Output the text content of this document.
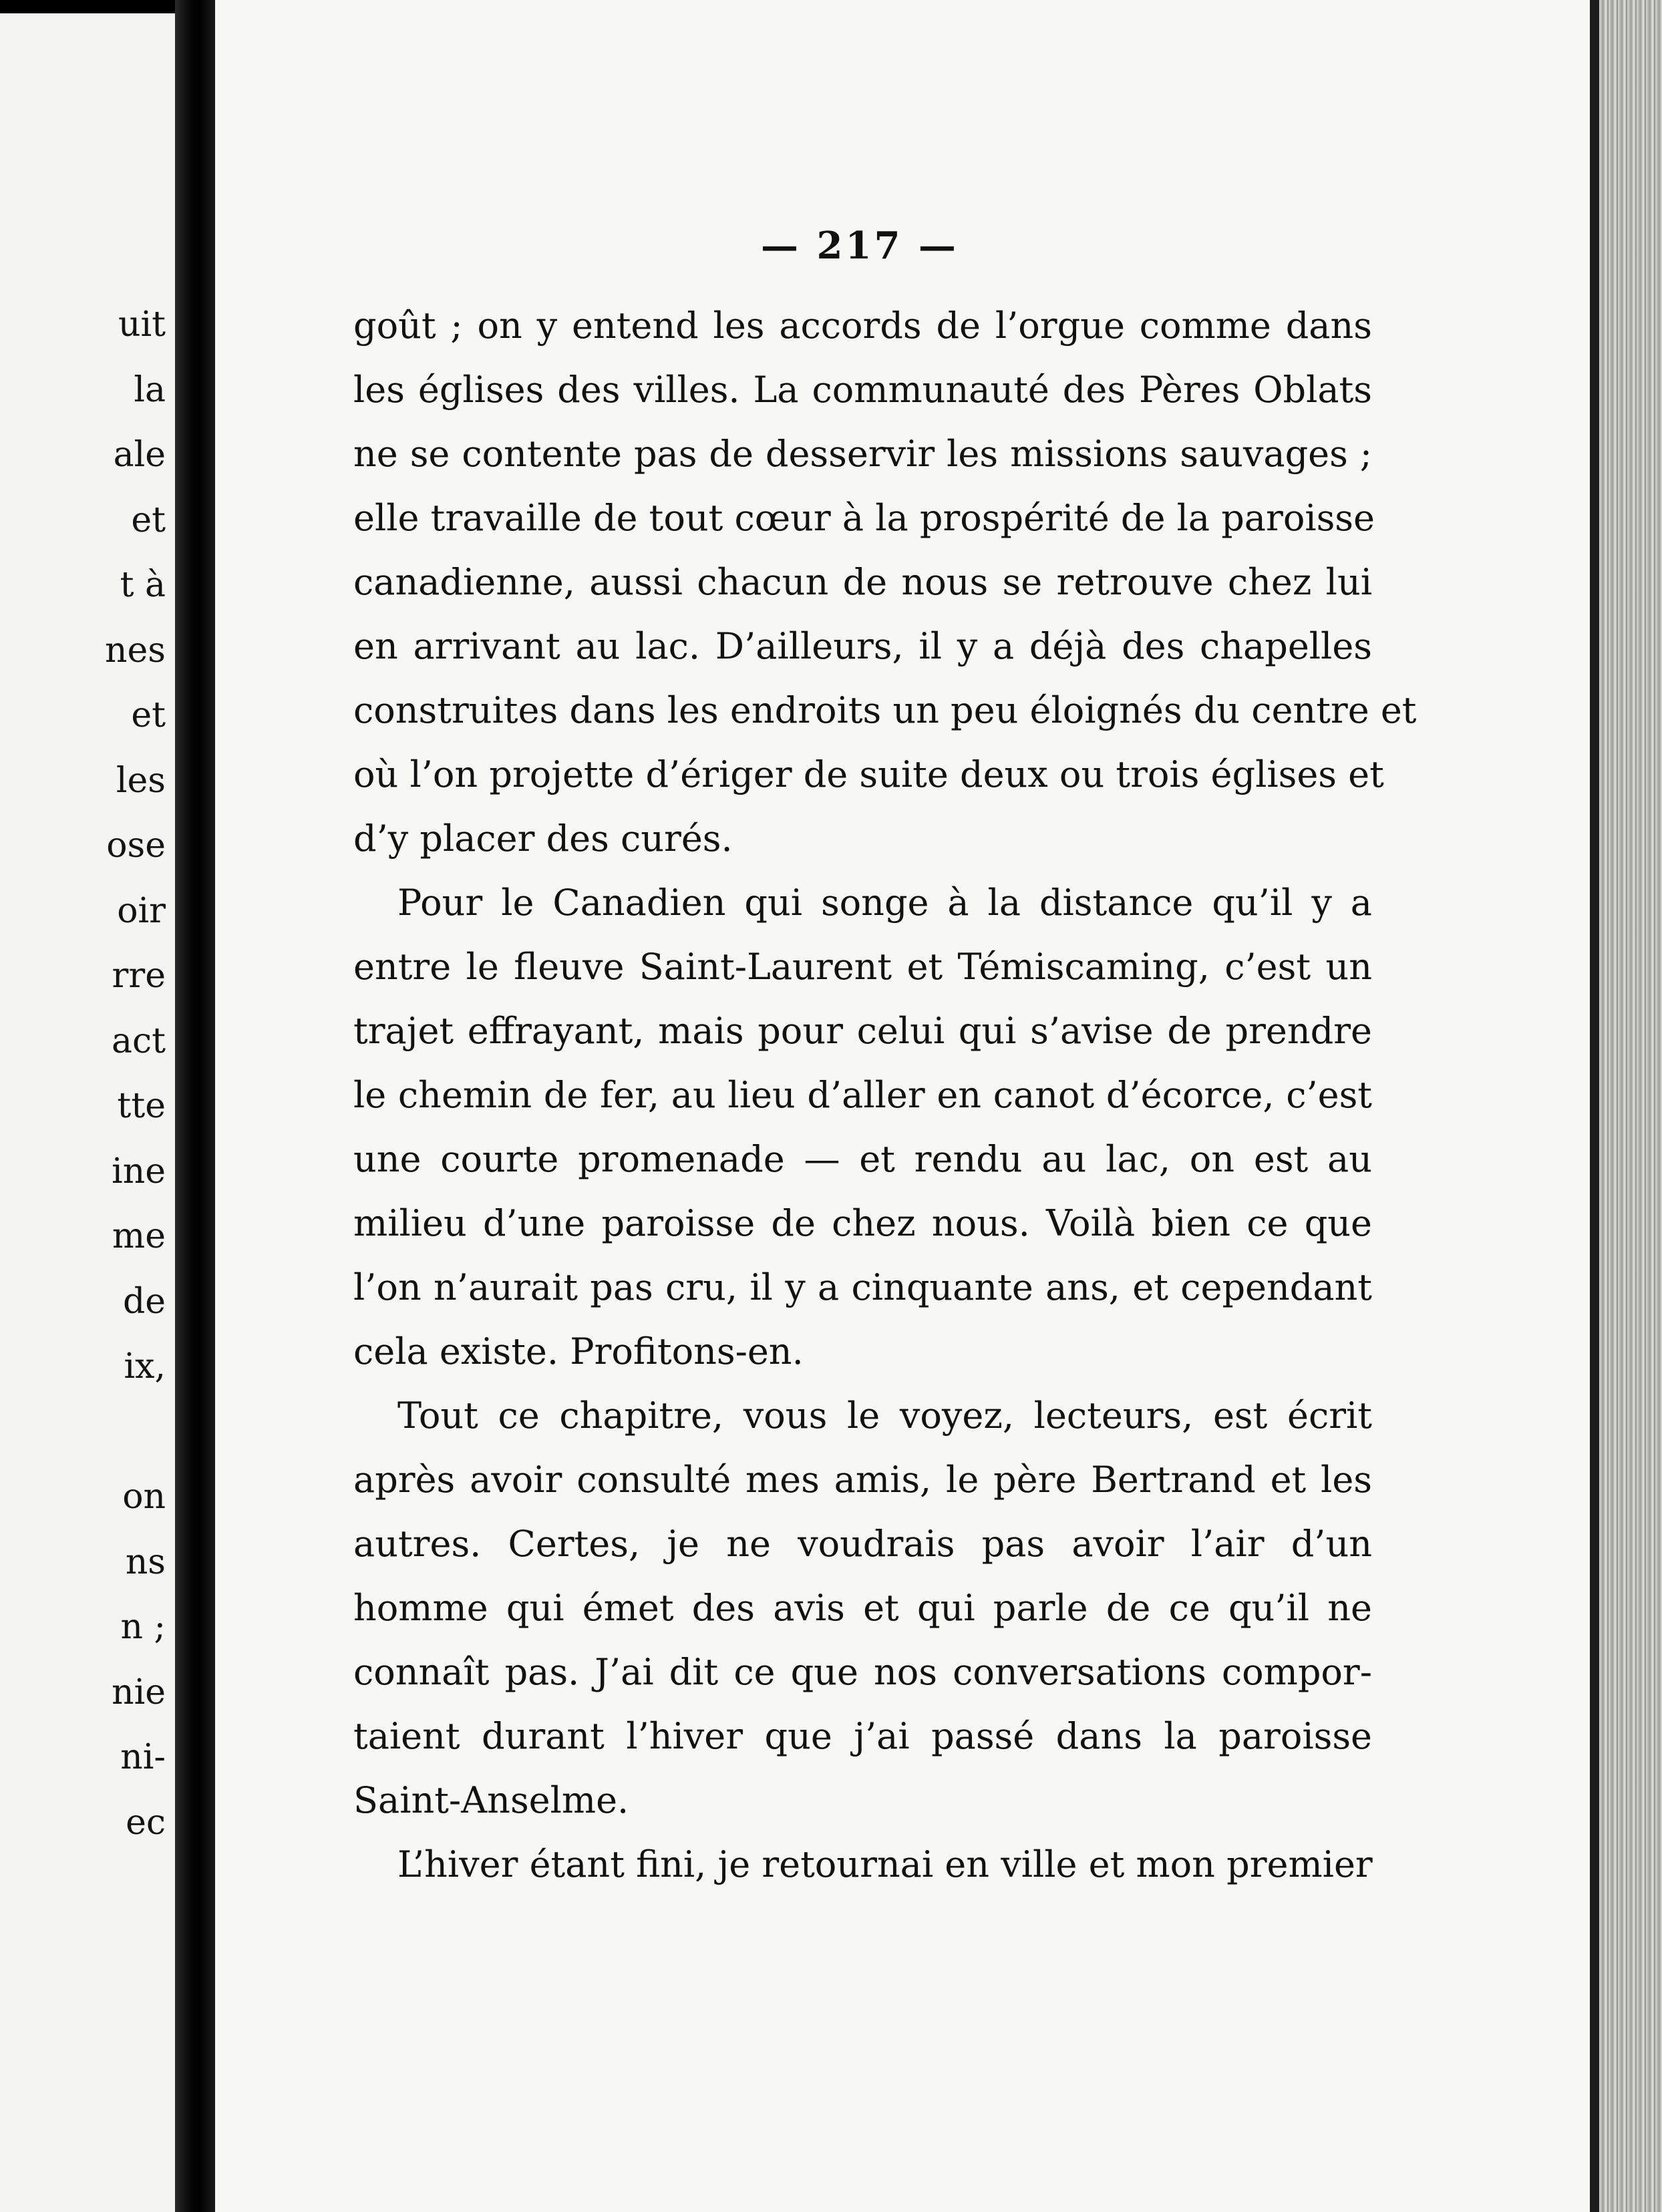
uit
la
ale
et
t à
nes
et
les
ose
oir
rre
act
tte
ine
me
de
ix,
on
ns
n ;
nie
ni-
ec
— 217 —
goût ; on y entend les accords de l’orgue comme dans
les églises des villes. La communauté des Pères Oblats
ne se contente pas de desservir les missions sauvages ;
elle travaille de tout cœur à la prospérité de la paroisse
canadienne, aussi chacun de nous se retrouve chez lui
en arrivant au lac. D’ailleurs, il y a déjà des chapelles
construites dans les endroits un peu éloignés du centre et
où l’on projette d’ériger de suite deux ou trois églises et
d’y placer des curés.
Pour le Canadien qui songe à la distance qu’il y a
entre le fleuve Saint-Laurent et Témiscaming, c’est un
trajet effrayant, mais pour celui qui s’avise de prendre
le chemin de fer, au lieu d’aller en canot d’écorce, c’est
une courte promenade — et rendu au lac, on est au
milieu d’une paroisse de chez nous. Voilà bien ce que
l’on n’aurait pas cru, il y a cinquante ans, et cependant
cela existe. Profitons-en.
Tout ce chapitre, vous le voyez, lecteurs, est écrit
après avoir consulté mes amis, le père Bertrand et les
autres. Certes, je ne voudrais pas avoir l’air d’un
homme qui émet des avis et qui parle de ce qu’il ne
connaît pas. J’ai dit ce que nos conversations compor-
taient durant l’hiver que j’ai passé dans la paroisse
Saint-Anselme.
L’hiver étant fini, je retournai en ville et mon premier
